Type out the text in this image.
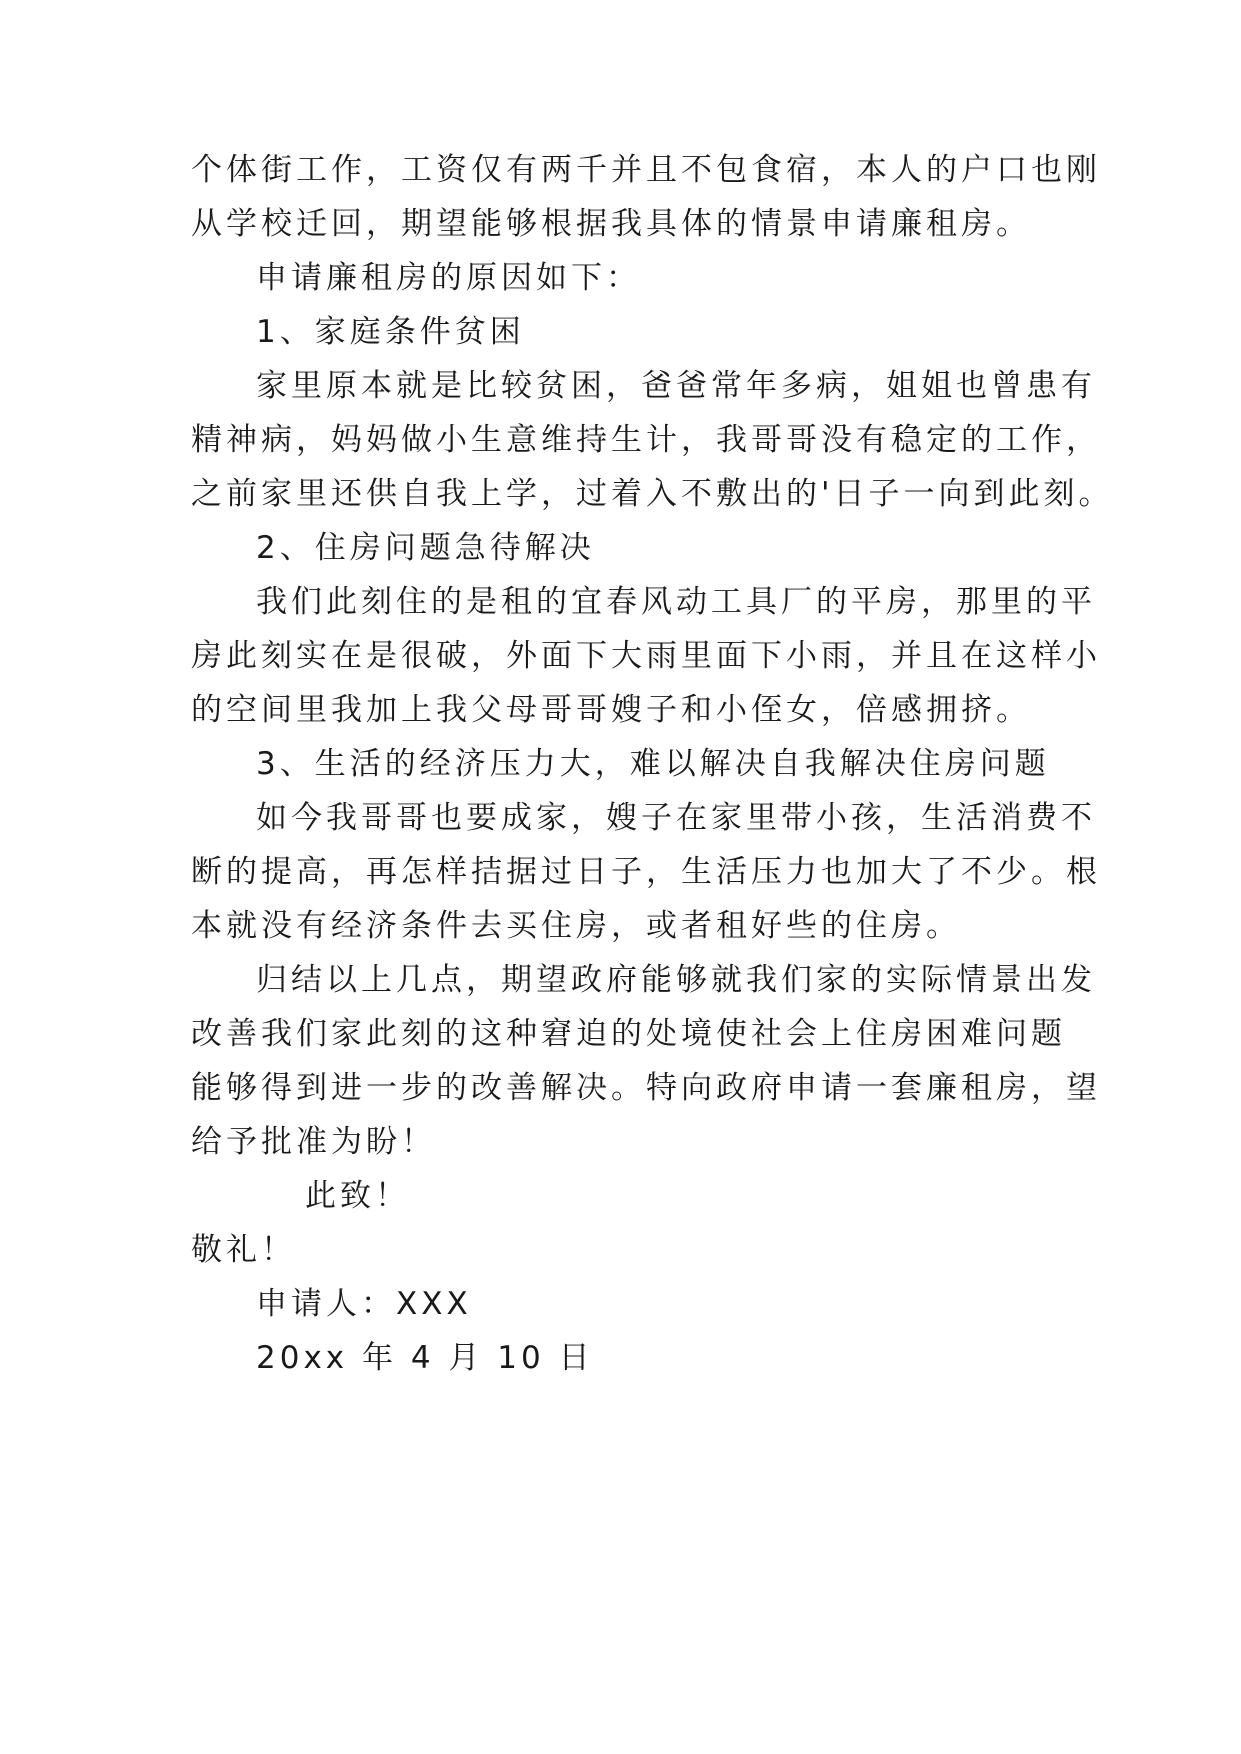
个体街工作，工资仅有两千并且不包食宿，本人的户口也刚
从学校迁回，期望能够根据我具体的情景申请廉租房。
申请廉租房的原因如下：
1、家庭条件贫困
家里原本就是比较贫困，爸爸常年多病，姐姐也曾患有
精神病，妈妈做小生意维持生计，我哥哥没有稳定的工作，
之前家里还供自我上学，过着入不敷出的'日子一向到此刻。
2、住房问题急待解决
我们此刻住的是租的宜春风动工具厂的平房，那里的平
房此刻实在是很破，外面下大雨里面下小雨，并且在这样小
的空间里我加上我父母哥哥嫂子和小侄女，倍感拥挤。
3、生活的经济压力大，难以解决自我解决住房问题
如今我哥哥也要成家，嫂子在家里带小孩，生活消费不
断的提高，再怎样拮据过日子，生活压力也加大了不少。根
本就没有经济条件去买住房，或者租好些的住房。
归结以上几点，期望政府能够就我们家的实际情景出发
改善我们家此刻的这种窘迫的处境使社会上住房困难问题
能够得到进一步的改善解决。特向政府申请一套廉租房，望
给予批准为盼！
此致！
敬礼！
申请人：XXX
20xx 年 4 月 10 日
